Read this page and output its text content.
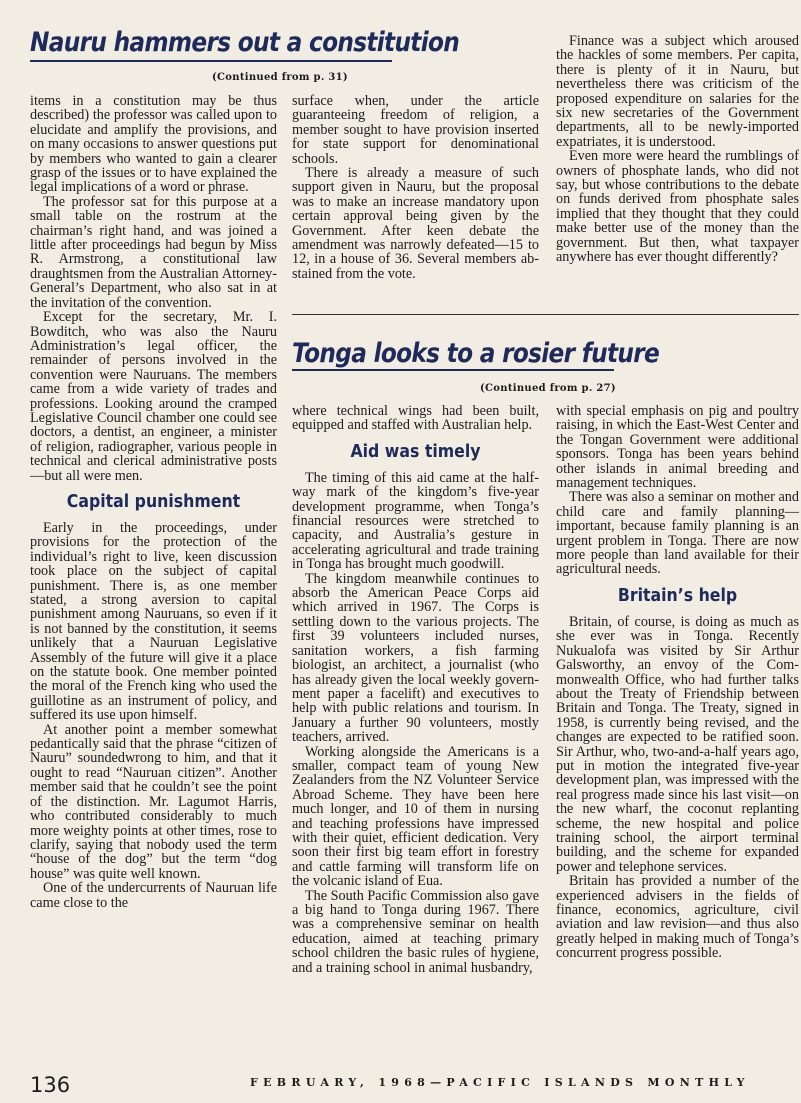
Nauru hammers out a constitution
(Continued from p. 31)

items in a constitution may be thus described) the professor was called upon to elucidate and amplify the provisions, and on many occasions to answer questions put by members who wanted to gain a clearer grasp of the issues or to have explained the legal implications of a word or phrase.

The professor sat for this purpose at a small table on the rostrum at the chairman’s right hand, and was joined a little after proceedings had begun by Miss R. Armstrong, a constitutional law draughtsmen from the Australian Attorney-General’s Department, who also sat in at the invitation of the convention.

Except for the secretary, Mr. I. Bowditch, who was also the Nauru Administration’s legal officer, the remainder of persons involved in the convention were Nauruans. The members came from a wide variety of trades and professions. Looking around the cramped Legislative Council chamber one could see doctors, a dentist, an engineer, a minister of religion, radiographer, various people in technical and clerical administrative posts—but all were men.

Capital punishment

Early in the proceedings, under provisions for the protection of the individual’s right to live, keen discussion took place on the subject of capital punishment. There is, as one member stated, a strong aversion to capital punishment among Nauruans, so even if it is not banned by the constitution, it seems unlikely that a Nauruan Legislative Assembly of the future will give it a place on the statute book. One member pointed the moral of the French king who used the guillotine as an instrument of policy, and suffered its use upon himself.

At another point a member somewhat pedantically said that the phrase “citizen of Nauru” soundedwrong to him, and that it ought to read “Nauruan citizen”. Another member said that he couldn’t see the point of the distinction. Mr. Lagumot Harris, who contributed considerably to much more weighty points at other times, rose to clarify, saying that nobody used the term “house of the dog” but the term “dog house” was quite well known.

One of the undercurrents of Nauruan life came close to the

surface when, under the article guaranteeing freedom of religion, a member sought to have provision inserted for state support for denominational schools.

There is already a measure of such support given in Nauru, but the proposal was to make an increase mandatory upon certain approval being given by the Government. After keen debate the amendment was narrowly defeated—15 to 12, in a house of 36. Several members abstained from the vote.

Finance was a subject which aroused the hackles of some members. Per capita, there is plenty of it in Nauru, but nevertheless there was criticism of the proposed expenditure on salaries for the six new secretaries of the Government departments, all to be newly-imported expatriates, it is understood.

Even more were heard the rumblings of owners of phosphate lands, who did not say, but whose contributions to the debate on funds derived from phosphate sales implied that they thought that they could make better use of the money than the government. But then, what taxpayer anywhere has ever thought differently?

Tonga looks to a rosier future
(Continued from p. 27)

where technical wings had been built, equipped and staffed with Australian help.

Aid was timely

The timing of this aid came at the half-way mark of the kingdom’s five-year development programme, when Tonga’s financial resources were stretched to capacity, and Australia’s gesture in accelerating agricultural and trade training in Tonga has brought much goodwill.

The kingdom meanwhile continues to absorb the American Peace Corps aid which arrived in 1967. The Corps is settling down to the various projects. The first 39 volunteers included nurses, sanitation workers, a fish farming biologist, an architect, a journalist (who has already given the local weekly government paper a facelift) and executives to help with public relations and tourism. In January a further 90 volunteers, mostly teachers, arrived.

Working alongside the Americans is a smaller, compact team of young New Zealanders from the NZ Volunteer Service Abroad Scheme. They have been here much longer, and 10 of them in nursing and teaching professions have impressed with their quiet, efficient dedication. Very soon their first big team effort in forestry and cattle farming will transform life on the volcanic island of Eua.

The South Pacific Commission also gave a big hand to Tonga during 1967. There was a comprehensive seminar on health education, aimed at teaching primary school children the basic rules of hygiene, and a training school in animal husbandry,

with special emphasis on pig and poultry raising, in which the East-West Center and the Tongan Government were additional sponsors. Tonga has been years behind other islands in animal breeding and management techniques.

There was also a seminar on mother and child care and family planning—important, because family planning is an urgent problem in Tonga. There are now more people than land available for their agricultural needs.

Britain’s help

Britain, of course, is doing as much as she ever was in Tonga. Recently Nukualofa was visited by Sir Arthur Galsworthy, an envoy of the Commonwealth Office, who had further talks about the Treaty of Friendship between Britain and Tonga. The Treaty, signed in 1958, is currently being revised, and the changes are expected to be ratified soon. Sir Arthur, who, two-and-a-half years ago, put in motion the integrated five-year development plan, was impressed with the real progress made since his last visit—on the new wharf, the coconut replanting scheme, the new hospital and police training school, the airport terminal building, and the scheme for expanded power and telephone services.

Britain has provided a number of the experienced advisers in the fields of finance, economics, agriculture, civil aviation and law revision—and thus also greatly helped in making much of Tonga’s concurrent progress possible.

136	FEBRUARY, 1968—PACIFIC ISLANDS MONTHLY
